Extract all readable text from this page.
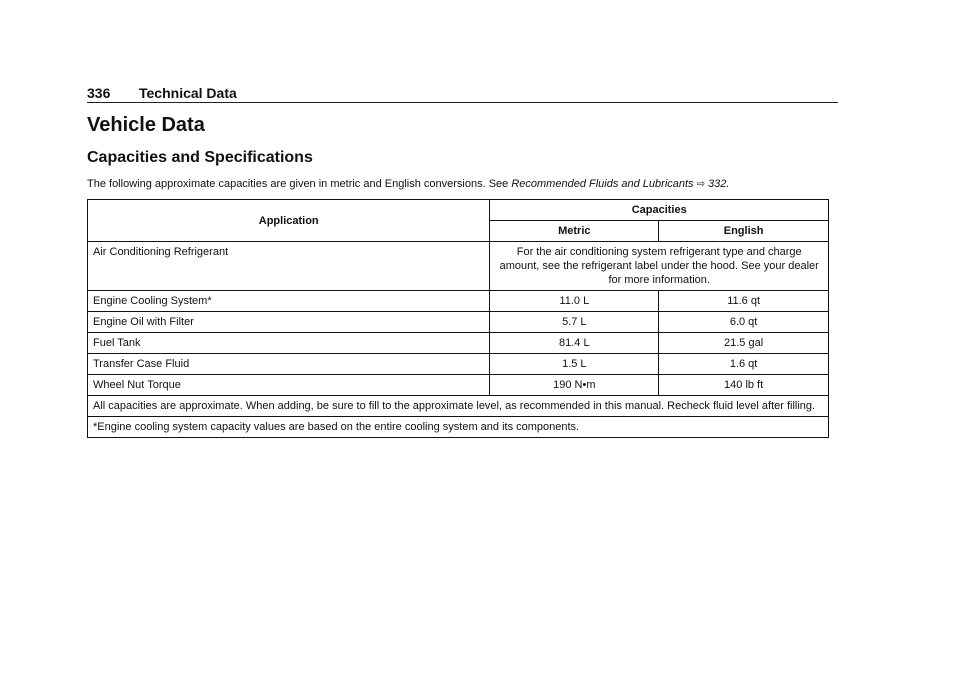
336 Technical Data
Vehicle Data
Capacities and Specifications

The following approximate capacities are given in metric and English conversions. See Recommended Fluids and Lubricants ⇨ 332.

Application	Capacities	
	Metric	English
Air Conditioning Refrigerant	For the air conditioning system refrigerant type and charge amount, see the refrigerant label under the hood. See your dealer for more information.	
Engine Cooling System*	11.0 L	11.6 qt
Engine Oil with Filter	5.7 L	6.0 qt
Fuel Tank	81.4 L	21.5 gal
Transfer Case Fluid	1.5 L	1.6 qt
Wheel Nut Torque	190 N•m	140 lb ft
All capacities are approximate. When adding, be sure to fill to the approximate level, as recommended in this manual. Recheck fluid level after filling.		
*Engine cooling system capacity values are based on the entire cooling system and its components.		
